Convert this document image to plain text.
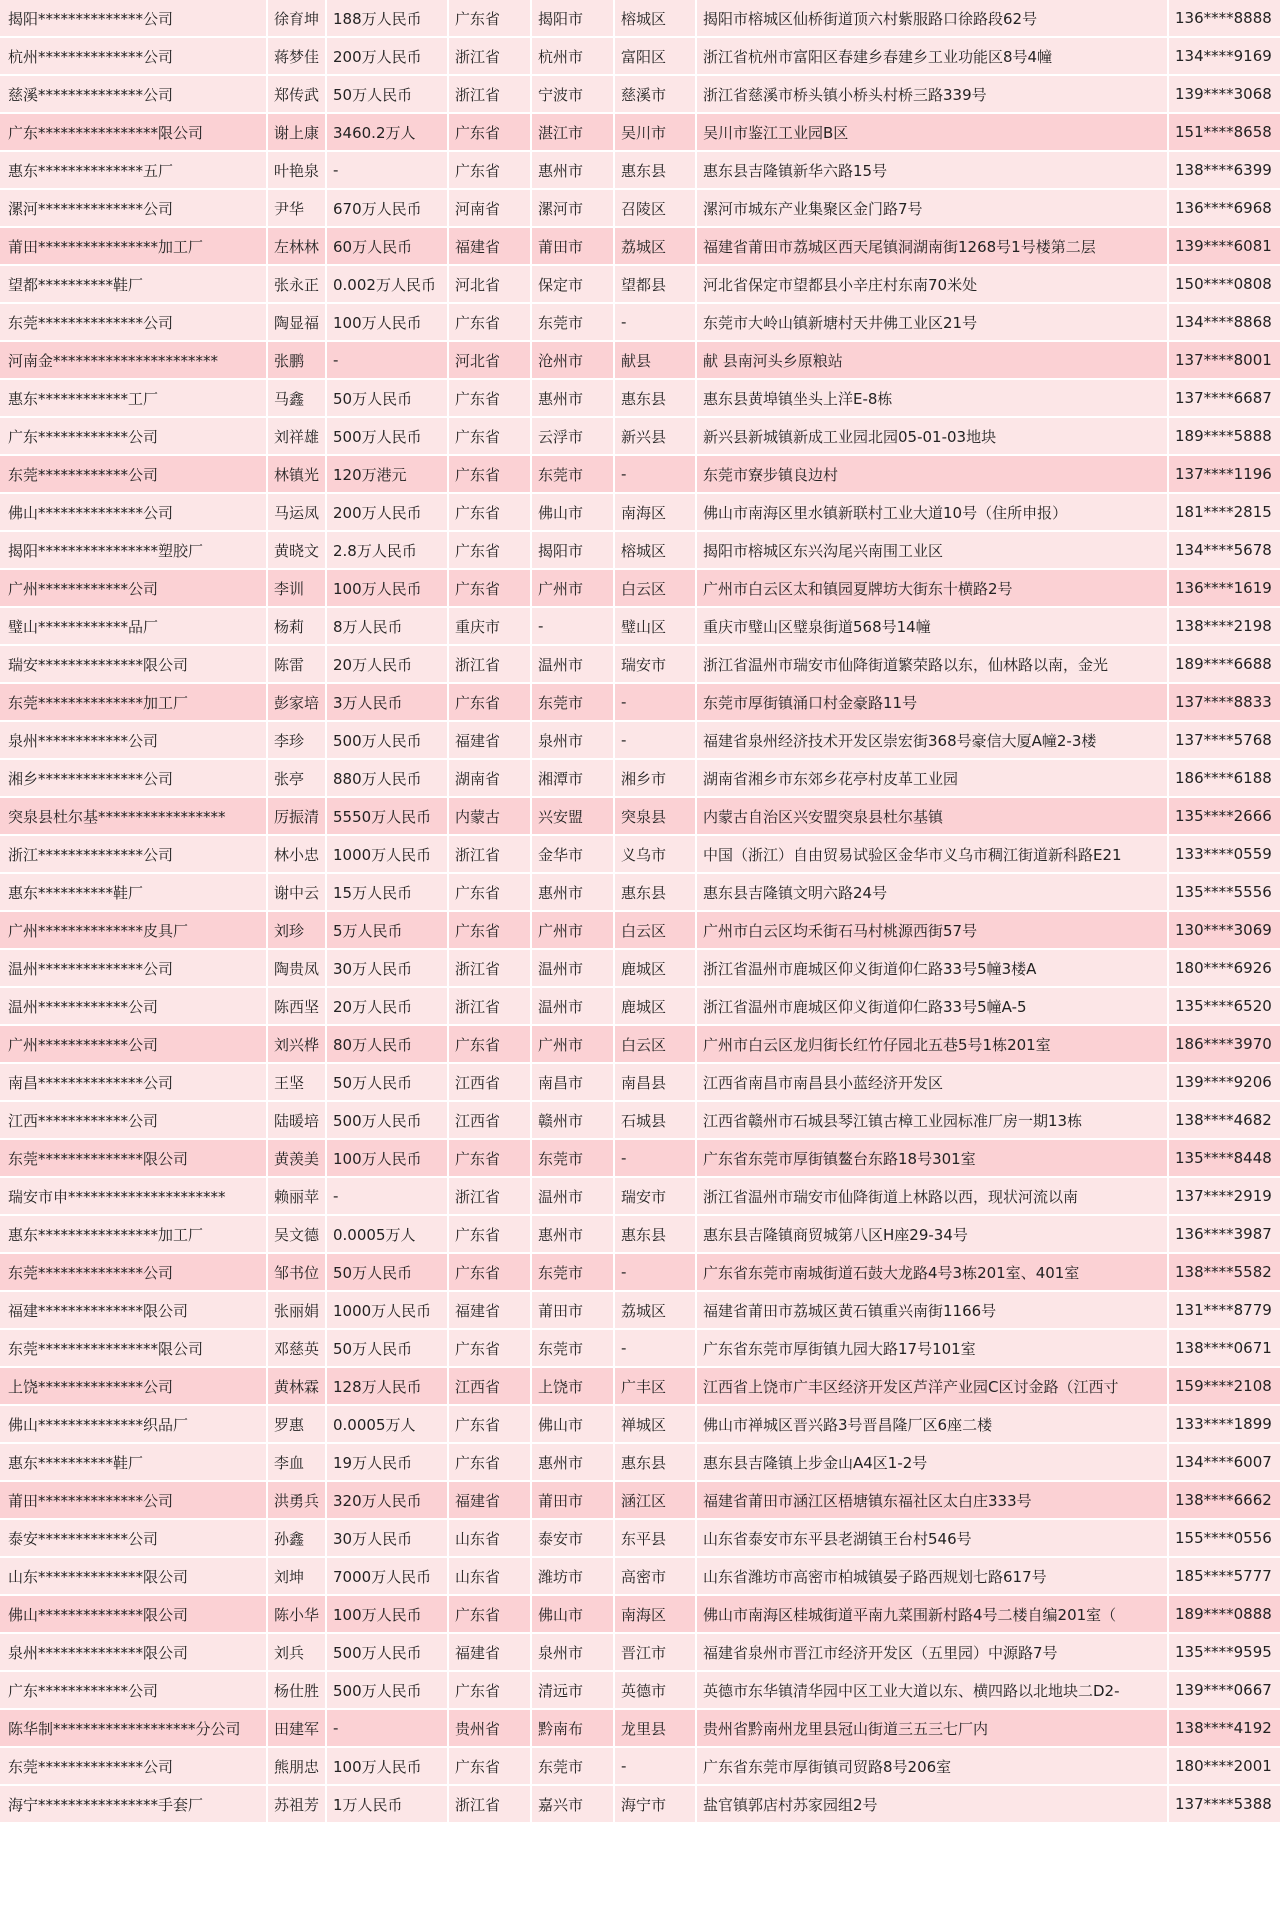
揭阳**************公司	徐育坤	188万人民币	广东省	揭阳市	榕城区	揭阳市榕城区仙桥街道顶六村紫服路口徐路段62号	136****8888
杭州**************公司	蒋梦佳	200万人民币	浙江省	杭州市	富阳区	浙江省杭州市富阳区春建乡春建乡工业功能区8号4幢	134****9169
慈溪**************公司	郑传武	50万人民币	浙江省	宁波市	慈溪市	浙江省慈溪市桥头镇小桥头村桥三路339号	139****3068
广东****************限公司	谢上康	3460.2万人	广东省	湛江市	吴川市	吴川市鉴江工业园B区	151****8658
惠东**************五厂	叶艳泉	-	广东省	惠州市	惠东县	惠东县吉隆镇新华六路15号	138****6399
漯河**************公司	尹华	670万人民币	河南省	漯河市	召陵区	漯河市城东产业集聚区金门路7号	136****6968
莆田****************加工厂	左林林	60万人民币	福建省	莆田市	荔城区	福建省莆田市荔城区西天尾镇洞湖南街1268号1号楼第二层	139****6081
望都**********鞋厂	张永正	0.002万人民币	河北省	保定市	望都县	河北省保定市望都县小辛庄村东南70米处	150****0808
东莞**************公司	陶显福	100万人民币	广东省	东莞市	-	东莞市大岭山镇新塘村天井佛工业区21号	134****8868
河南金**********************	张鹏	-	河北省	沧州市	献县	献 县南河头乡原粮站	137****8001
惠东************工厂	马鑫	50万人民币	广东省	惠州市	惠东县	惠东县黄埠镇坐头上洋E-8栋	137****6687
广东************公司	刘祥雄	500万人民币	广东省	云浮市	新兴县	新兴县新城镇新成工业园北园05-01-03地块	189****5888
东莞************公司	林镇光	120万港元	广东省	东莞市	-	东莞市寮步镇良边村	137****1196
佛山**************公司	马运凤	200万人民币	广东省	佛山市	南海区	佛山市南海区里水镇新联村工业大道10号（住所申报）	181****2815
揭阳****************塑胶厂	黄晓文	2.8万人民币	广东省	揭阳市	榕城区	揭阳市榕城区东兴沟尾兴南围工业区	134****5678
广州************公司	李训	100万人民币	广东省	广州市	白云区	广州市白云区太和镇园夏牌坊大街东十横路2号	136****1619
璧山************品厂	杨莉	8万人民币	重庆市	-	璧山区	重庆市璧山区璧泉街道568号14幢	138****2198
瑞安**************限公司	陈雷	20万人民币	浙江省	温州市	瑞安市	浙江省温州市瑞安市仙降街道繁荣路以东，仙林路以南，金光	189****6688
东莞**************加工厂	彭家培	3万人民币	广东省	东莞市	-	东莞市厚街镇涌口村金豪路11号	137****8833
泉州************公司	李珍	500万人民币	福建省	泉州市	-	福建省泉州经济技术开发区崇宏街368号豪信大厦A幢2-3楼	137****5768
湘乡**************公司	张亭	880万人民币	湖南省	湘潭市	湘乡市	湖南省湘乡市东郊乡花亭村皮革工业园	186****6188
突泉县杜尔基*****************	厉振清	5550万人民币	内蒙古	兴安盟	突泉县	内蒙古自治区兴安盟突泉县杜尔基镇	135****2666
浙江**************公司	林小忠	1000万人民币	浙江省	金华市	义乌市	中国（浙江）自由贸易试验区金华市义乌市稠江街道新科路E21	133****0559
惠东**********鞋厂	谢中云	15万人民币	广东省	惠州市	惠东县	惠东县吉隆镇文明六路24号	135****5556
广州**************皮具厂	刘珍	5万人民币	广东省	广州市	白云区	广州市白云区均禾街石马村桃源西街57号	130****3069
温州**************公司	陶贵凤	30万人民币	浙江省	温州市	鹿城区	浙江省温州市鹿城区仰义街道仰仁路33号5幢3楼A	180****6926
温州************公司	陈西坚	20万人民币	浙江省	温州市	鹿城区	浙江省温州市鹿城区仰义街道仰仁路33号5幢A-5	135****6520
广州************公司	刘兴桦	80万人民币	广东省	广州市	白云区	广州市白云区龙归街长红竹仔园北五巷5号1栋201室	186****3970
南昌**************公司	王坚	50万人民币	江西省	南昌市	南昌县	江西省南昌市南昌县小蓝经济开发区	139****9206
江西************公司	陆暖培	500万人民币	江西省	赣州市	石城县	江西省赣州市石城县琴江镇古樟工业园标准厂房一期13栋	138****4682
东莞**************限公司	黄羡美	100万人民币	广东省	东莞市	-	广东省东莞市厚街镇鳌台东路18号301室	135****8448
瑞安市申*********************	赖丽苹	-	浙江省	温州市	瑞安市	浙江省温州市瑞安市仙降街道上林路以西，现状河流以南	137****2919
惠东****************加工厂	吴文德	0.0005万人	广东省	惠州市	惠东县	惠东县吉隆镇商贸城第八区H座29-34号	136****3987
东莞**************公司	邹书位	50万人民币	广东省	东莞市	-	广东省东莞市南城街道石鼓大龙路4号3栋201室、401室	138****5582
福建**************限公司	张丽娟	1000万人民币	福建省	莆田市	荔城区	福建省莆田市荔城区黄石镇重兴南街1166号	131****8779
东莞****************限公司	邓慈英	50万人民币	广东省	东莞市	-	广东省东莞市厚街镇九园大路17号101室	138****0671
上饶**************公司	黄林霖	128万人民币	江西省	上饶市	广丰区	江西省上饶市广丰区经济开发区芦洋产业园C区讨金路（江西寸	159****2108
佛山**************织品厂	罗惠	0.0005万人	广东省	佛山市	禅城区	佛山市禅城区晋兴路3号晋昌隆厂区6座二楼	133****1899
惠东**********鞋厂	李血	19万人民币	广东省	惠州市	惠东县	惠东县吉隆镇上步金山A4区1-2号	134****6007
莆田**************公司	洪勇兵	320万人民币	福建省	莆田市	涵江区	福建省莆田市涵江区梧塘镇东福社区太白庄333号	138****6662
泰安************公司	孙鑫	30万人民币	山东省	泰安市	东平县	山东省泰安市东平县老湖镇王台村546号	155****0556
山东**************限公司	刘坤	7000万人民币	山东省	潍坊市	高密市	山东省潍坊市高密市柏城镇晏子路西规划七路617号	185****5777
佛山**************限公司	陈小华	100万人民币	广东省	佛山市	南海区	佛山市南海区桂城街道平南九菜围新村路4号二楼自编201室（	189****0888
泉州**************限公司	刘兵	500万人民币	福建省	泉州市	晋江市	福建省泉州市晋江市经济开发区（五里园）中源路7号	135****9595
广东************公司	杨仕胜	500万人民币	广东省	清远市	英德市	英德市东华镇清华园中区工业大道以东、横四路以北地块二D2-	139****0667
陈华制*******************分公司	田建军	-	贵州省	黔南布	龙里县	贵州省黔南州龙里县冠山街道三五三七厂内	138****4192
东莞**************公司	熊朋忠	100万人民币	广东省	东莞市	-	广东省东莞市厚街镇司贸路8号206室	180****2001
海宁****************手套厂	苏祖芳	1万人民币	浙江省	嘉兴市	海宁市	盐官镇郭店村苏家园组2号	137****5388
